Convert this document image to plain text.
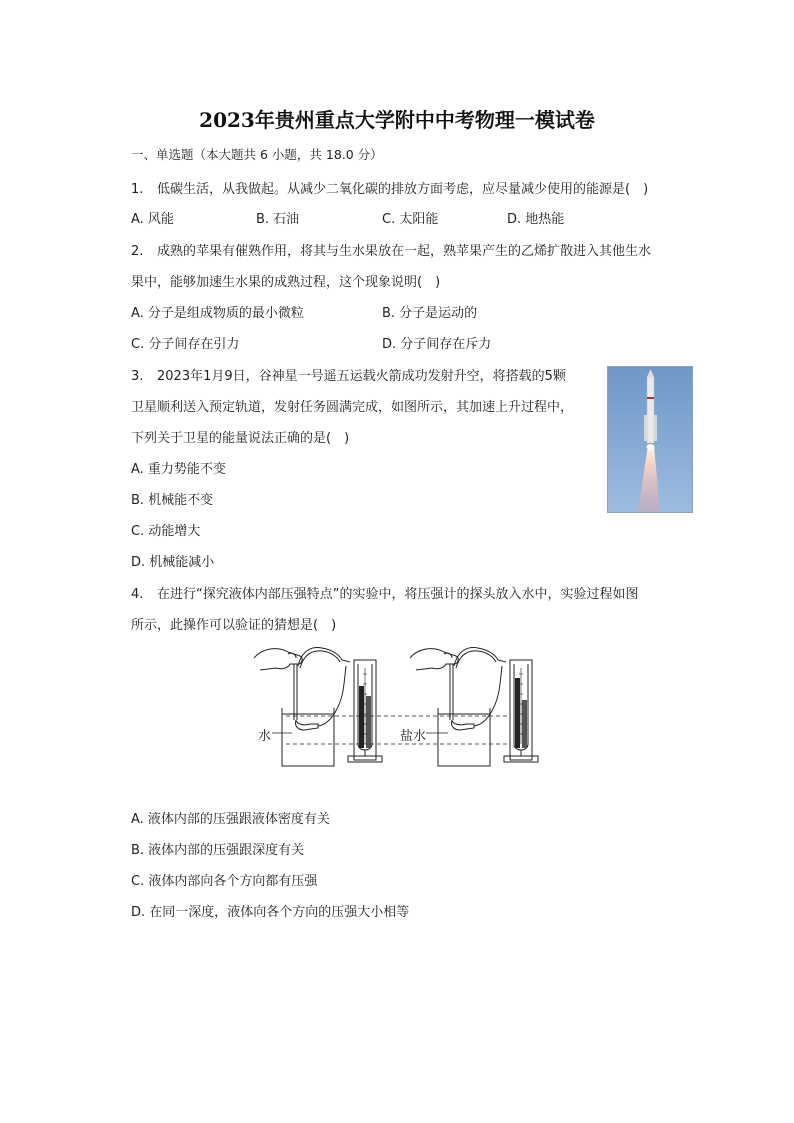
2023年贵州重点大学附中中考物理一模试卷
一、单选题（本大题共 6 小题，共 18.0 分）
1. 低碳生活，从我做起。从减少二氧化碳的排放方面考虑，应尽量减少使用的能源是(　)
A. 风能	B. 石油	C. 太阳能	D. 地热能
2. 成熟的苹果有催熟作用，将其与生水果放在一起，熟苹果产生的乙烯扩散进入其他生水
果中，能够加速生水果的成熟过程，这个现象说明(　)
A. 分子是组成物质的最小微粒	B. 分子是运动的
C. 分子间存在引力	D. 分子间存在斥力
3. 2023年1月9日，谷神星一号遥五运载火箭成功发射升空，将搭载的5颗
卫星顺利送入预定轨道，发射任务圆满完成，如图所示，其加速上升过程中，
下列关于卫星的能量说法正确的是(　)
A. 重力势能不变
B. 机械能不变
C. 动能增大
D. 机械能减小
4. 在进行“探究液体内部压强特点”的实验中，将压强计的探头放入水中，实验过程如图
所示，此操作可以验证的猜想是(　)
水	盐水
A. 液体内部的压强跟液体密度有关
B. 液体内部的压强跟深度有关
C. 液体内部向各个方向都有压强
D. 在同一深度，液体向各个方向的压强大小相等
